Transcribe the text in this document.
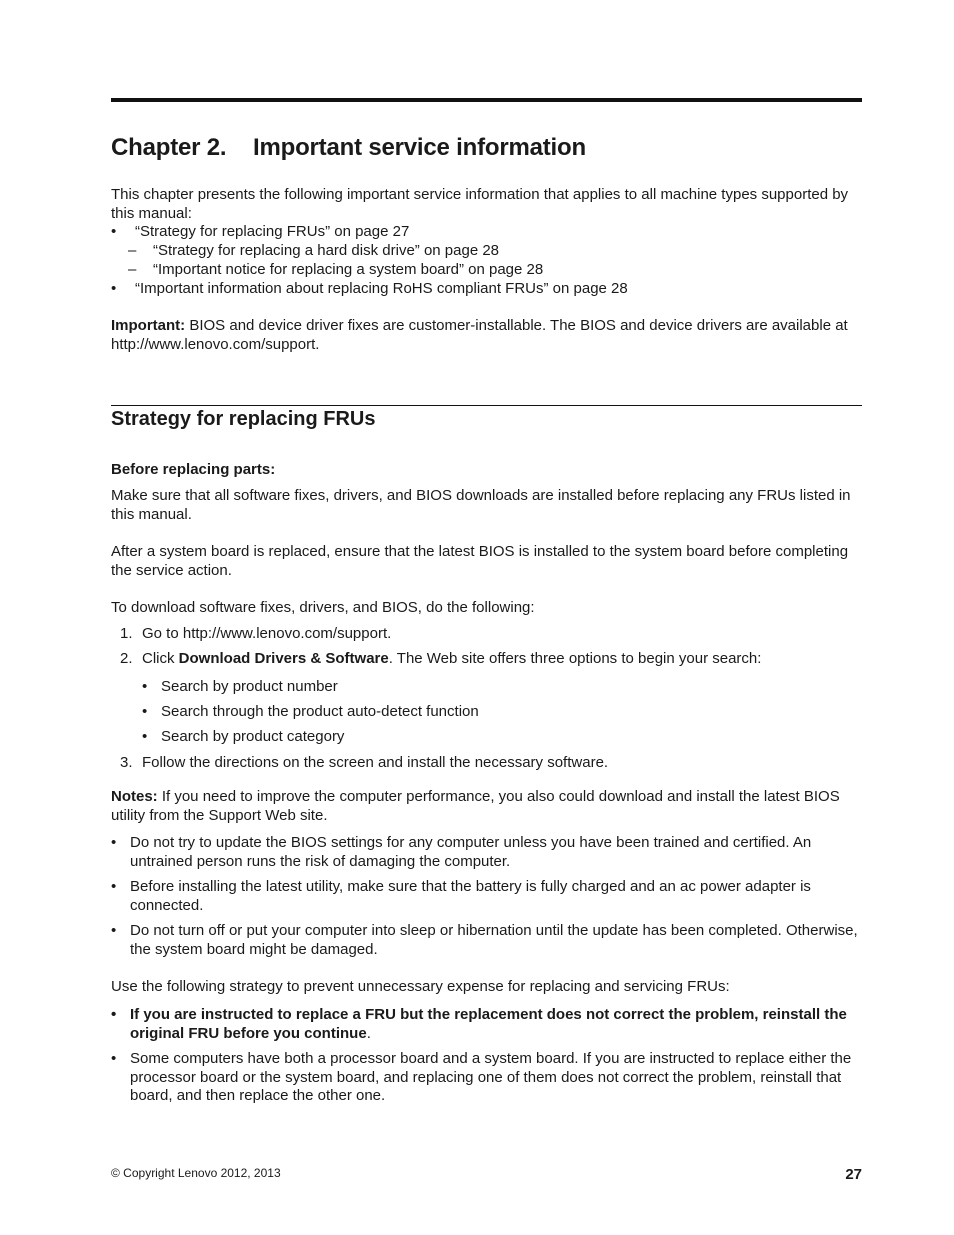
Chapter 2. Important service information

This chapter presents the following important service information that applies to all machine types supported by this manual:

• “Strategy for replacing FRUs” on page 27
– “Strategy for replacing a hard disk drive” on page 28
– “Important notice for replacing a system board” on page 28
• “Important information about replacing RoHS compliant FRUs” on page 28

Important: BIOS and device driver fixes are customer-installable. The BIOS and device drivers are available at http://www.lenovo.com/support.

Strategy for replacing FRUs
Before replacing parts:

Make sure that all software fixes, drivers, and BIOS downloads are installed before replacing any FRUs listed in this manual.

After a system board is replaced, ensure that the latest BIOS is installed to the system board before completing the service action.

To download software fixes, drivers, and BIOS, do the following:

1. Go to http://www.lenovo.com/support.
2. Click Download Drivers & Software. The Web site offers three options to begin your search:
• Search by product number
• Search through the product auto-detect function
• Search by product category
3. Follow the directions on the screen and install the necessary software.

Notes: If you need to improve the computer performance, you also could download and install the latest BIOS utility from the Support Web site.

• Do not try to update the BIOS settings for any computer unless you have been trained and certified. An untrained person runs the risk of damaging the computer.
• Before installing the latest utility, make sure that the battery is fully charged and an ac power adapter is connected.
• Do not turn off or put your computer into sleep or hibernation until the update has been completed. Otherwise, the system board might be damaged.

Use the following strategy to prevent unnecessary expense for replacing and servicing FRUs:

• If you are instructed to replace a FRU but the replacement does not correct the problem, reinstall the original FRU before you continue.
• Some computers have both a processor board and a system board. If you are instructed to replace either the processor board or the system board, and replacing one of them does not correct the problem, reinstall that board, and then replace the other one.
© Copyright Lenovo 2012, 2013	27
